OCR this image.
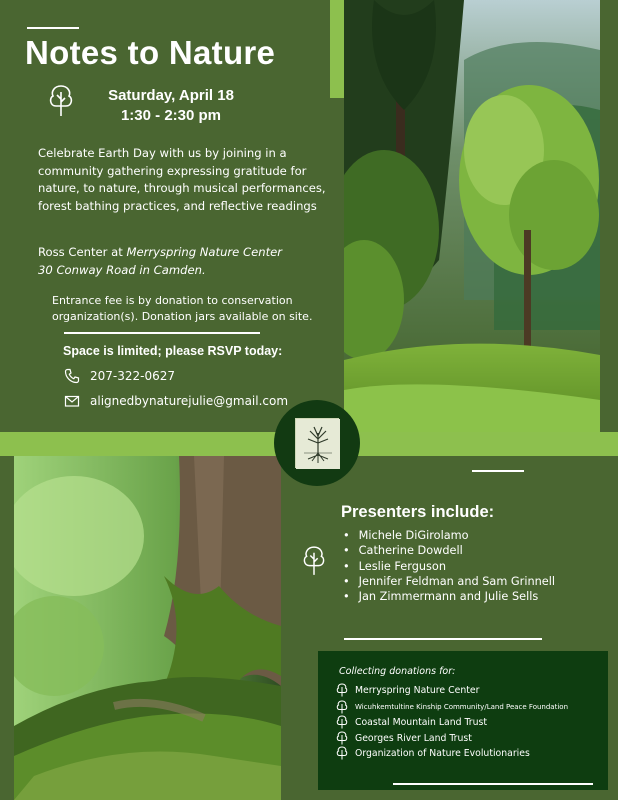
Notes to Nature
Saturday, April 18
1:30 - 2:30 pm
Celebrate Earth Day with us by joining in a community gathering expressing gratitude for nature, to nature, through musical performances, forest bathing practices, and reflective readings
Ross Center at Merryspring Nature Center
30 Conway Road in Camden.
Entrance fee is by donation to conservation organization(s). Donation jars available on site.
Space is limited; please RSVP today:
207-322-0627
alignedbynaturejulie@gmail.com
Presenters include:
• Michele DiGirolamo
• Catherine Dowdell
• Leslie Ferguson
• Jennifer Feldman and Sam Grinnell
• Jan Zimmermann and Julie Sells
Collecting donations for:
Merryspring Nature Center
Wicuhkemtultine Kinship Community/Land Peace Foundation
Coastal Mountain Land Trust
Georges River Land Trust
Organization of Nature Evolutionaries
